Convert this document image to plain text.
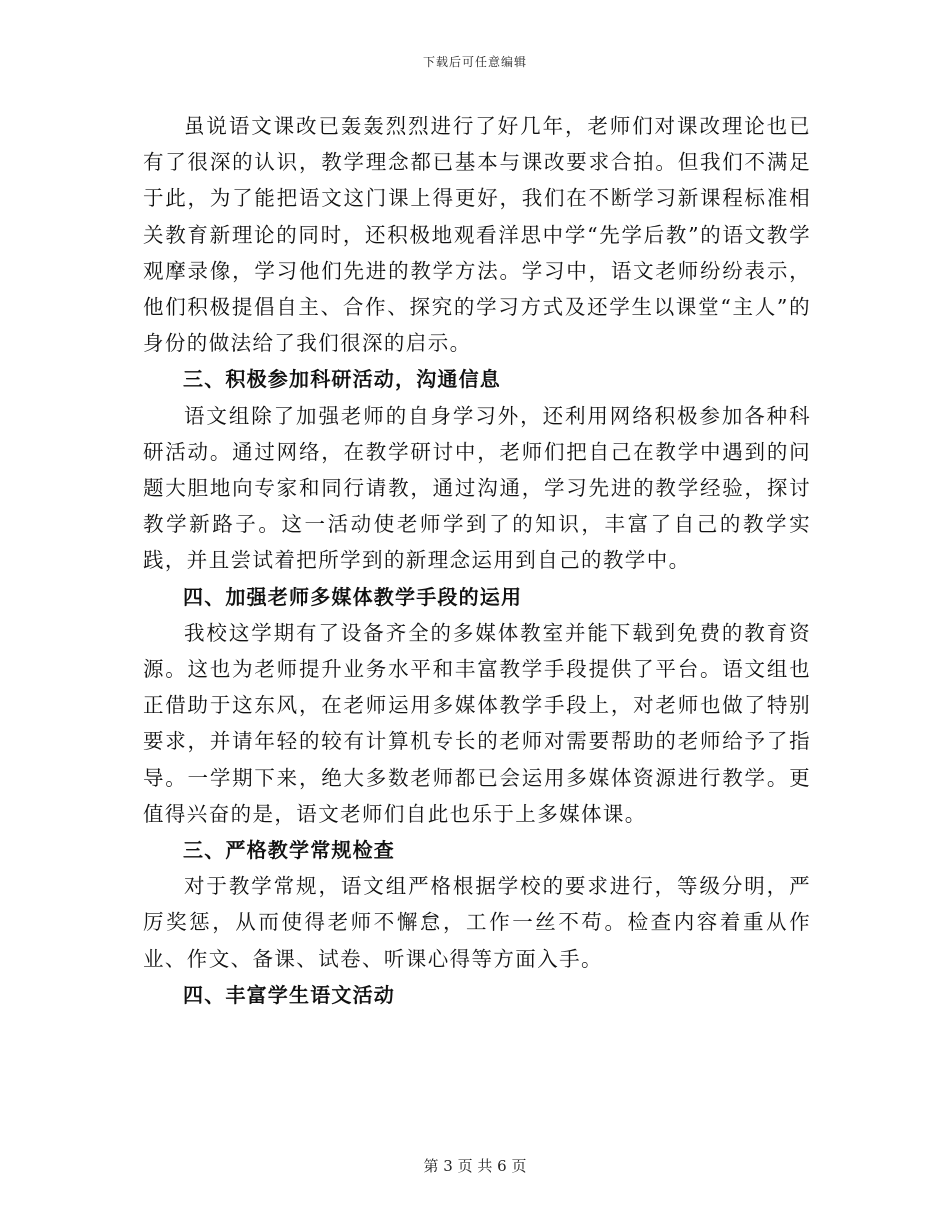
下载后可任意编辑

虽说语文课改已轰轰烈烈进行了好几年，老师们对课改理论也已有了很深的认识，教学理念都已基本与课改要求合拍。但我们不满足于此，为了能把语文这门课上得更好，我们在不断学习新课程标准相关教育新理论的同时，还积极地观看洋思中学“先学后教”的语文教学观摩录像，学习他们先进的教学方法。学习中，语文老师纷纷表示，他们积极提倡自主、合作、探究的学习方式及还学生以课堂“主人”的身份的做法给了我们很深的启示。

三、积极参加科研活动，沟通信息

语文组除了加强老师的自身学习外，还利用网络积极参加各种科研活动。通过网络，在教学研讨中，老师们把自己在教学中遇到的问题大胆地向专家和同行请教，通过沟通，学习先进的教学经验，探讨教学新路子。这一活动使老师学到了的知识，丰富了自己的教学实践，并且尝试着把所学到的新理念运用到自己的教学中。

四、加强老师多媒体教学手段的运用

我校这学期有了设备齐全的多媒体教室并能下载到免费的教育资源。这也为老师提升业务水平和丰富教学手段提供了平台。语文组也正借助于这东风，在老师运用多媒体教学手段上，对老师也做了特别要求，并请年轻的较有计算机专长的老师对需要帮助的老师给予了指导。一学期下来，绝大多数老师都已会运用多媒体资源进行教学。更值得兴奋的是，语文老师们自此也乐于上多媒体课。

三、严格教学常规检查

对于教学常规，语文组严格根据学校的要求进行，等级分明，严厉奖惩，从而使得老师不懈怠，工作一丝不苟。检查内容着重从作业、作文、备课、试卷、听课心得等方面入手。

四、丰富学生语文活动

第 3 页 共 6 页
